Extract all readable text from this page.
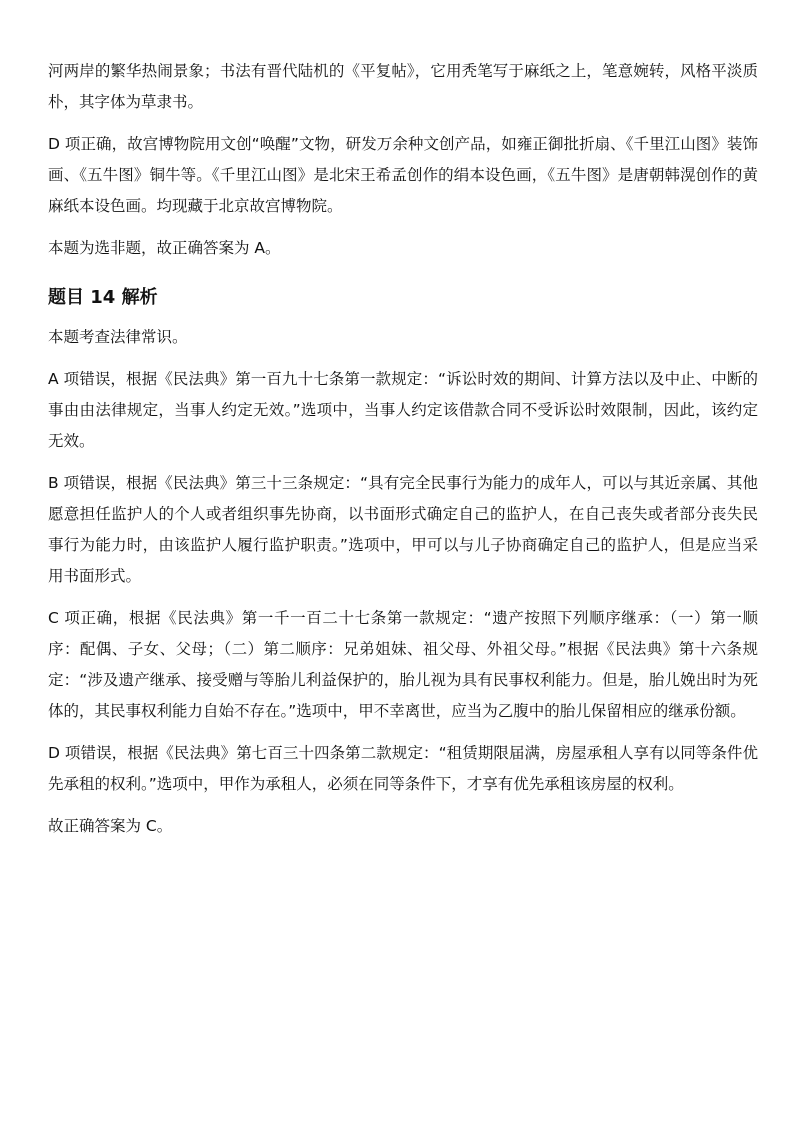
河两岸的繁华热闹景象；书法有晋代陆机的《平复帖》，它用秃笔写于麻纸之上，笔意婉转，风格平淡质朴，其字体为草隶书。

D 项正确，故宫博物院用文创“唤醒”文物，研发万余种文创产品，如雍正御批折扇、《千里江山图》装饰画、《五牛图》铜牛等。《千里江山图》是北宋王希孟创作的绢本设色画，《五牛图》是唐朝韩滉创作的黄麻纸本设色画。均现藏于北京故宫博物院。

本题为选非题，故正确答案为 A。

题目 14 解析

本题考查法律常识。

A 项错误，根据《民法典》第一百九十七条第一款规定：“诉讼时效的期间、计算方法以及中止、中断的事由由法律规定，当事人约定无效。”选项中，当事人约定该借款合同不受诉讼时效限制，因此，该约定无效。

B 项错误，根据《民法典》第三十三条规定：“具有完全民事行为能力的成年人，可以与其近亲属、其他愿意担任监护人的个人或者组织事先协商，以书面形式确定自己的监护人，在自己丧失或者部分丧失民事行为能力时，由该监护人履行监护职责。”选项中，甲可以与儿子协商确定自己的监护人，但是应当采用书面形式。

C 项正确，根据《民法典》第一千一百二十七条第一款规定：“遗产按照下列顺序继承：（一）第一顺序：配偶、子女、父母；（二）第二顺序：兄弟姐妹、祖父母、外祖父母。”根据《民法典》第十六条规定：“涉及遗产继承、接受赠与等胎儿利益保护的，胎儿视为具有民事权利能力。但是，胎儿娩出时为死体的，其民事权利能力自始不存在。”选项中，甲不幸离世，应当为乙腹中的胎儿保留相应的继承份额。

D 项错误，根据《民法典》第七百三十四条第二款规定：“租赁期限届满，房屋承租人享有以同等条件优先承租的权利。”选项中，甲作为承租人，必须在同等条件下，才享有优先承租该房屋的权利。

故正确答案为 C。
